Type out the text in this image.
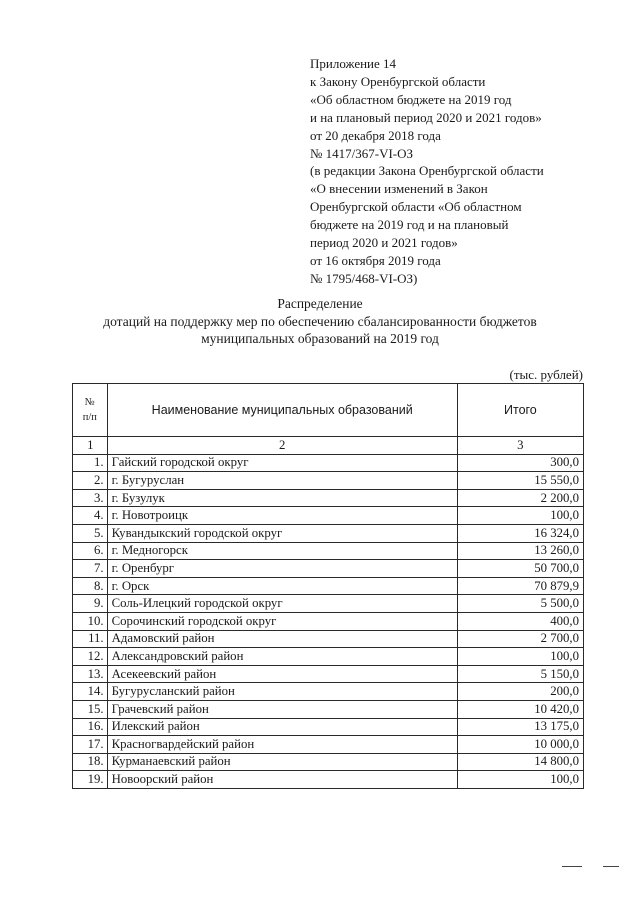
Приложение 14
к Закону Оренбургской области
«Об областном бюджете на 2019 год
и на плановый период 2020 и 2021 годов»
от 20 декабря 2018 года
№ 1417/367-VI-ОЗ
(в редакции Закона Оренбургской области
«О внесении изменений в Закон
Оренбургской области «Об областном
бюджете на 2019 год и на плановый
период 2020 и 2021 годов»
от 16 октября 2019 года
№ 1795/468-VI-ОЗ)
Распределение
дотаций на поддержку мер по обеспечению сбалансированности бюджетов
муниципальных образований на 2019 год
(тыс. рублей)
№
п/п	Наименование муниципальных образований	Итого
1	2	3
1.	Гайский городской округ	300,0
2.	г. Бугуруслан	15 550,0
3.	г. Бузулук	2 200,0
4.	г. Новотроицк	100,0
5.	Кувандыкский городской округ	16 324,0
6.	г. Медногорск	13 260,0
7.	г. Оренбург	50 700,0
8.	г. Орск	70 879,9
9.	Соль-Илецкий городской округ	5 500,0
10.	Сорочинский городской округ	400,0
11.	Адамовский район	2 700,0
12.	Александровский район	100,0
13.	Асекеевский район	5 150,0
14.	Бугурусланский район	200,0
15.	Грачевский район	10 420,0
16.	Илекский район	13 175,0
17.	Красногвардейский район	10 000,0
18.	Курманаевский район	14 800,0
19.	Новоорский район	100,0
